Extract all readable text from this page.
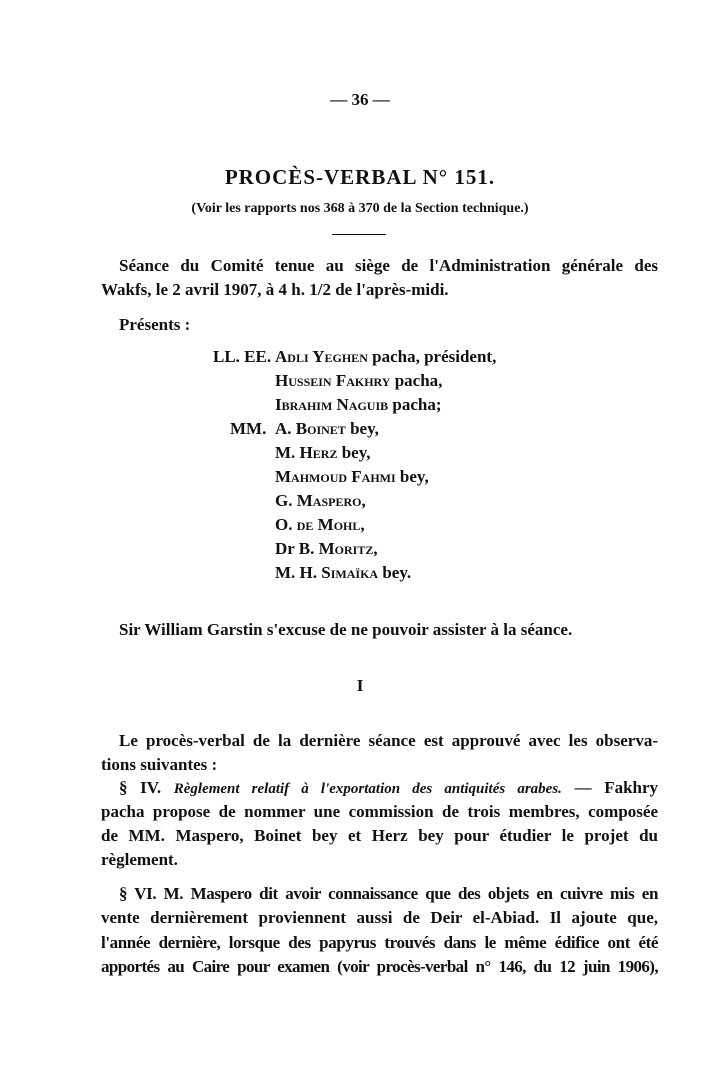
— 36 —
PROCÈS-VERBAL N° 151.
(Voir les rapports nos 368 à 370 de la Section technique.)
Séance du Comité tenue au siège de l'Administration générale des
Wakfs, le 2 avril 1907, à 4 h. 1/2 de l'après-midi.
Présents :
LL. EE. Adli Yeghen pacha, président,
Hussein Fakhry pacha,
Ibrahim Naguib pacha;
MM. A. Boinet bey,
M. Herz bey,
Mahmoud Fahmi bey,
G. Maspero,
O. de Mohl,
Dr B. Moritz,
M. H. Simaïka bey.
Sir William Garstin s'excuse de ne pouvoir assister à la séance.
I
Le procès-verbal de la dernière séance est approuvé avec les observa-
tions suivantes :
§ IV. Règlement relatif à l'exportation des antiquités arabes. — Fakhry
pacha propose de nommer une commission de trois membres, composée
de MM. Maspero, Boinet bey et Herz bey pour étudier le projet du
règlement.
§ VI. M. Maspero dit avoir connaissance que des objets en cuivre mis en
vente dernièrement proviennent aussi de Deir el-Abiad. Il ajoute que,
l'année dernière, lorsque des papyrus trouvés dans le même édifice ont été
apportés au Caire pour examen (voir procès-verbal n° 146, du 12 juin 1906),
